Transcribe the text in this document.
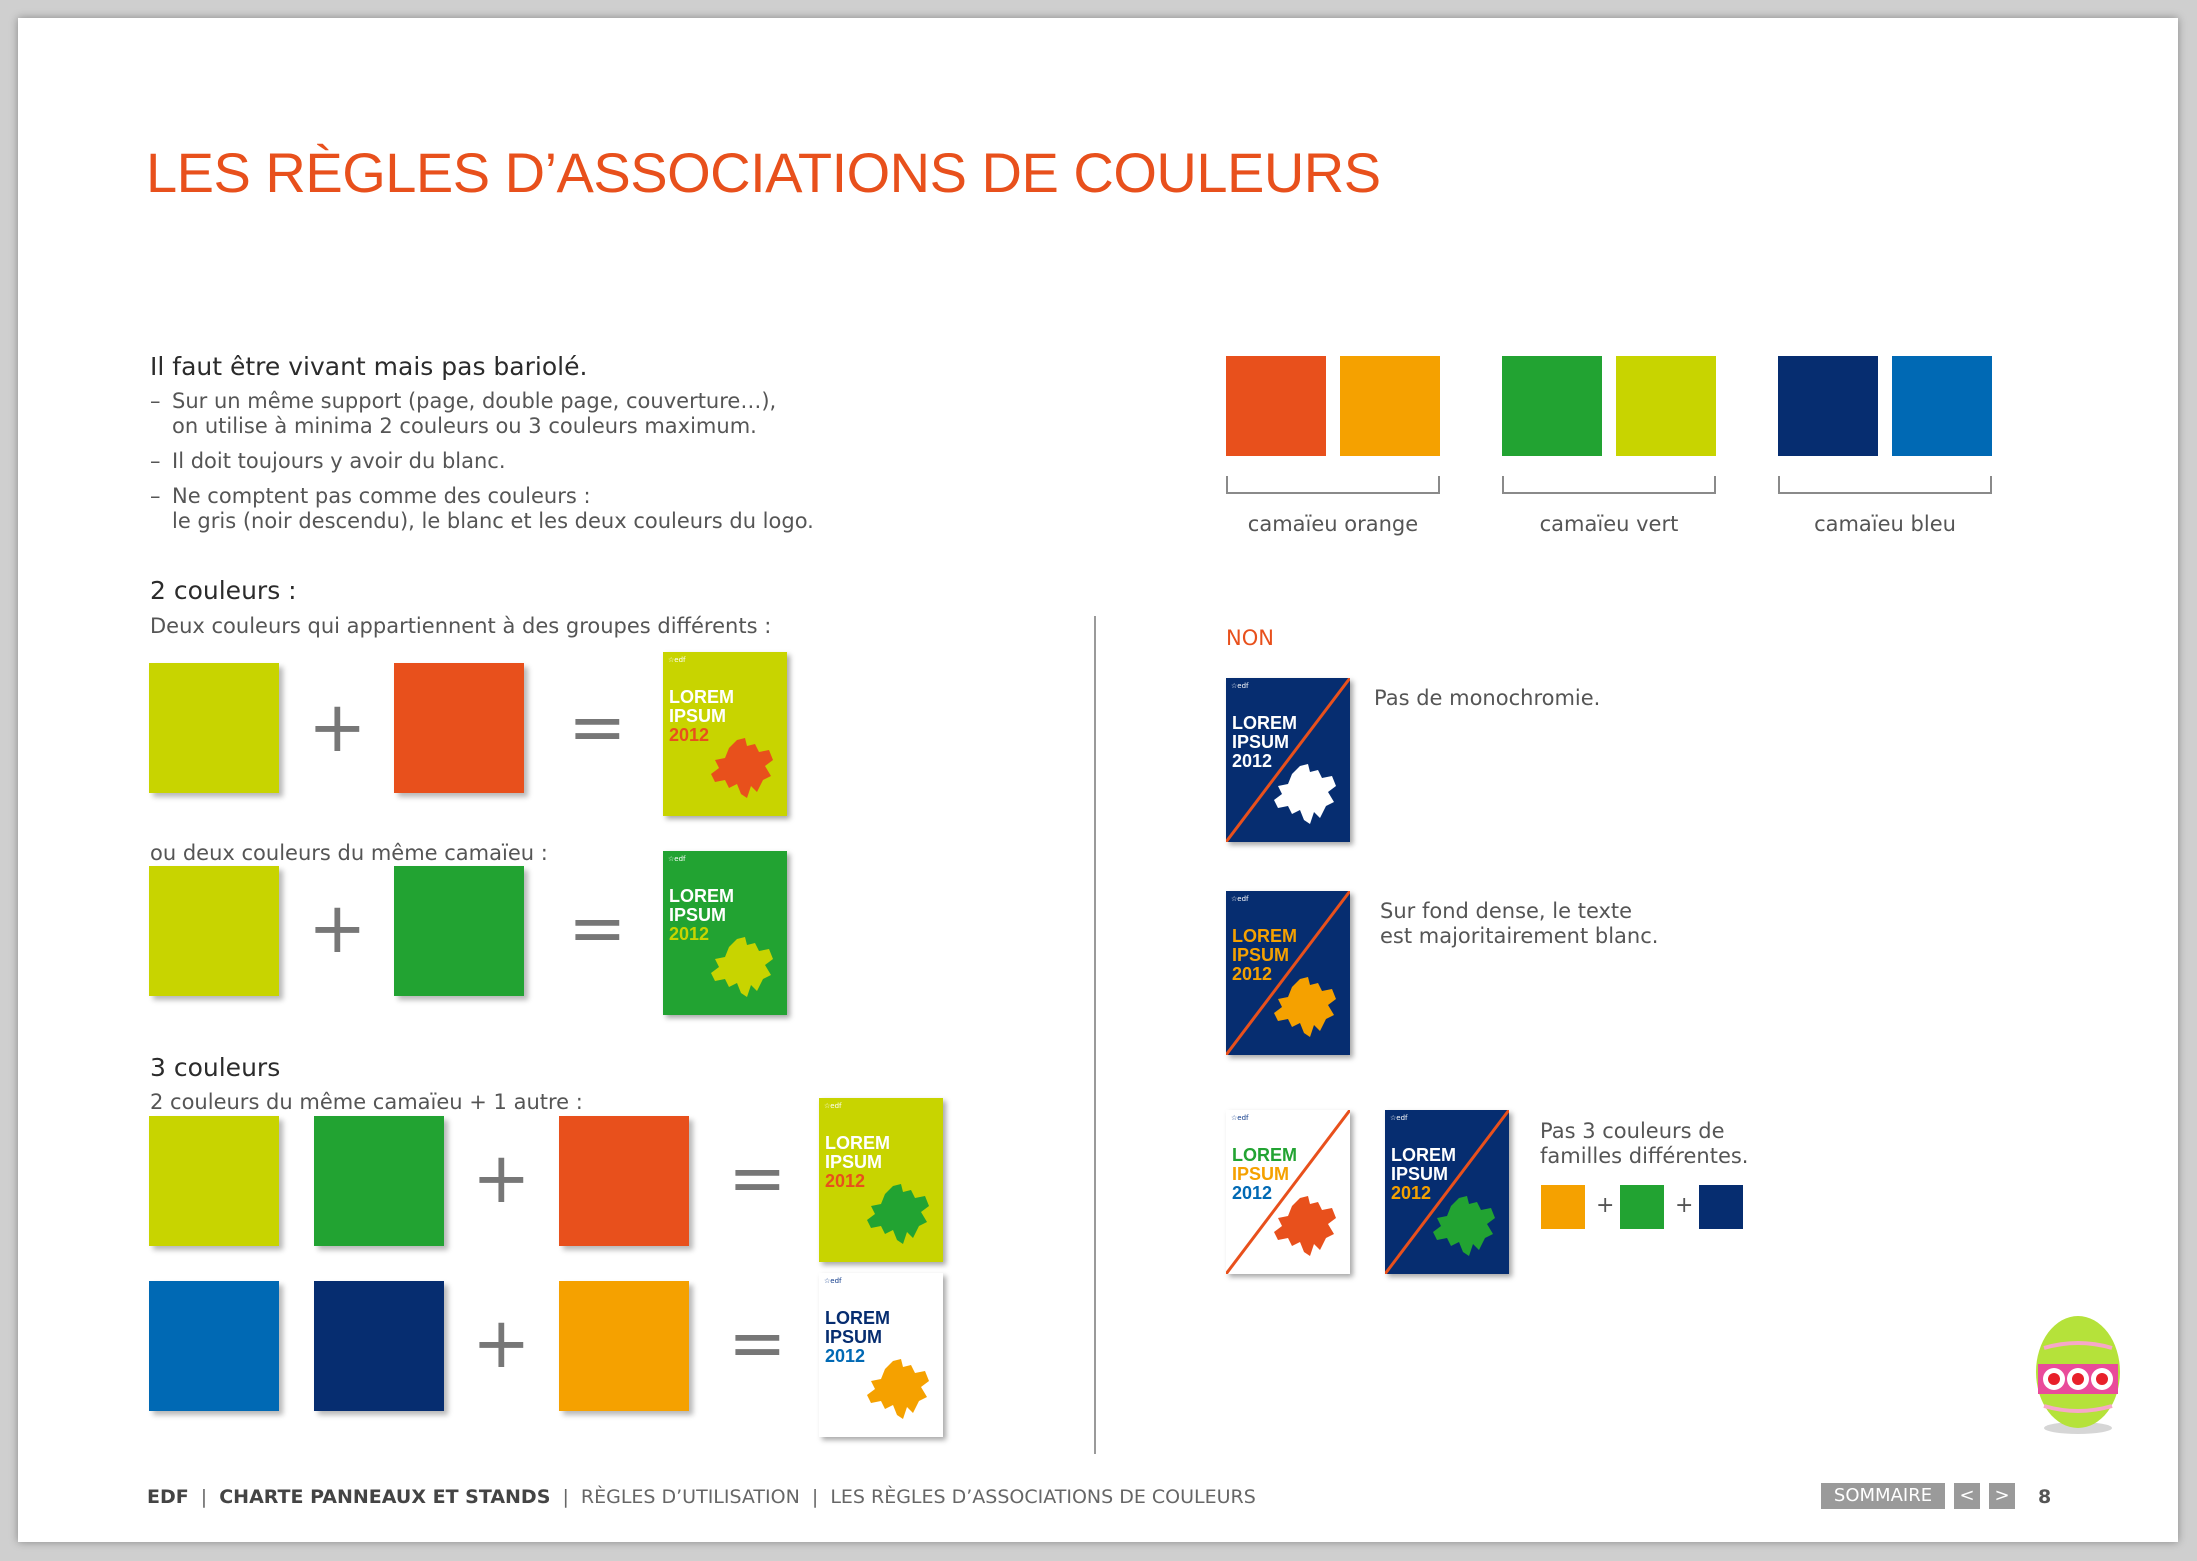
LES RÈGLES D’ASSOCIATIONS DE COULEURS
Il faut être vivant mais pas bariolé.
– Sur un même support (page, double page, couverture…),
on utilise à minima 2 couleurs ou 3 couleurs maximum.
– Il doit toujours y avoir du blanc.
– Ne comptent pas comme des couleurs :
le gris (noir descendu), le blanc et les deux couleurs du logo.
2 couleurs :
Deux couleurs qui appartiennent à des groupes différents :
+	=
☆edf
LOREM
IPSUM
2012
ou deux couleurs du même camaïeu :
+	=
☆edf
LOREM
IPSUM
2012
3 couleurs
2 couleurs du même camaïeu + 1 autre :
+	=
☆edf
LOREM
IPSUM
2012
+	=
☆edf
LOREM
IPSUM
2012
camaïeu orange	camaïeu vert	camaïeu bleu
NON
☆edf
LOREM
IPSUM
2012
Pas de monochromie.
☆edf
LOREM
IPSUM
2012
Sur fond dense, le texte
est majoritairement blanc.
☆edf
LOREM
IPSUM
2012
☆edf
LOREM
IPSUM
2012
Pas 3 couleurs de
familles différentes.
+	+
EDF | CHARTE PANNEAUX ET STANDS | RÈGLES D’UTILISATION | LES RÈGLES D’ASSOCIATIONS DE COULEURS	SOMMAIRE	<	> 8
